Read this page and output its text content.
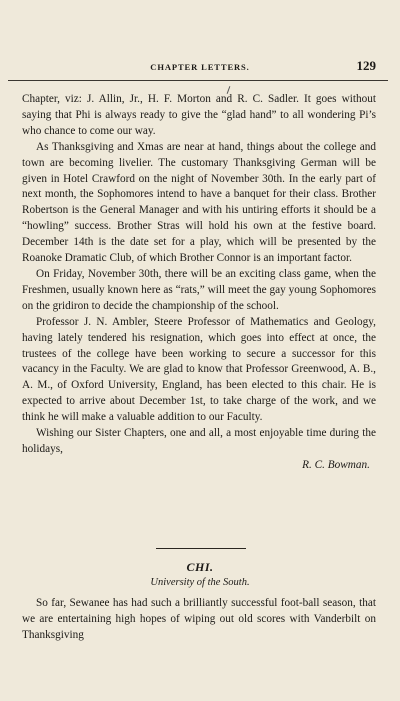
CHAPTER LETTERS.	129

Chapter, viz: J. Allin, Jr., H. F. Morton and R. C. Sadler. It goes without saying that Phi is always ready to give the “glad hand” to all wondering Pi’s who chance to come our way.

As Thanksgiving and Xmas are near at hand, things about the college and town are becoming livelier. The customary Thanksgiving German will be given in Hotel Crawford on the night of November 30th. In the early part of next month, the Sophomores intend to have a banquet for their class. Brother Robertson is the General Manager and with his untiring efforts it should be a “howling” success. Brother Stras will hold his own at the festive board. December 14th is the date set for a play, which will be presented by the Roanoke Dramatic Club, of which Brother Connor is an important factor.

On Friday, November 30th, there will be an exciting class game, when the Freshmen, usually known here as “rats,” will meet the gay young Sophomores on the gridiron to decide the championship of the school.

Professor J. N. Ambler, Steere Professor of Mathematics and Geology, having lately tendered his resignation, which goes into effect at once, the trustees of the college have been working to secure a successor for this vacancy in the Faculty. We are glad to know that Professor Greenwood, A. B., A. M., of Oxford University, England, has been elected to this chair. He is expected to arrive about December 1st, to take charge of the work, and we think he will make a valuable addition to our Faculty.

Wishing our Sister Chapters, one and all, a most enjoyable time during the holidays,

R. C. Bowman.
CHI.
University of the South.

So far, Sewanee has had such a brilliantly successful foot-ball season, that we are entertaining high hopes of wiping out old scores with Vanderbilt on Thanksgiving
